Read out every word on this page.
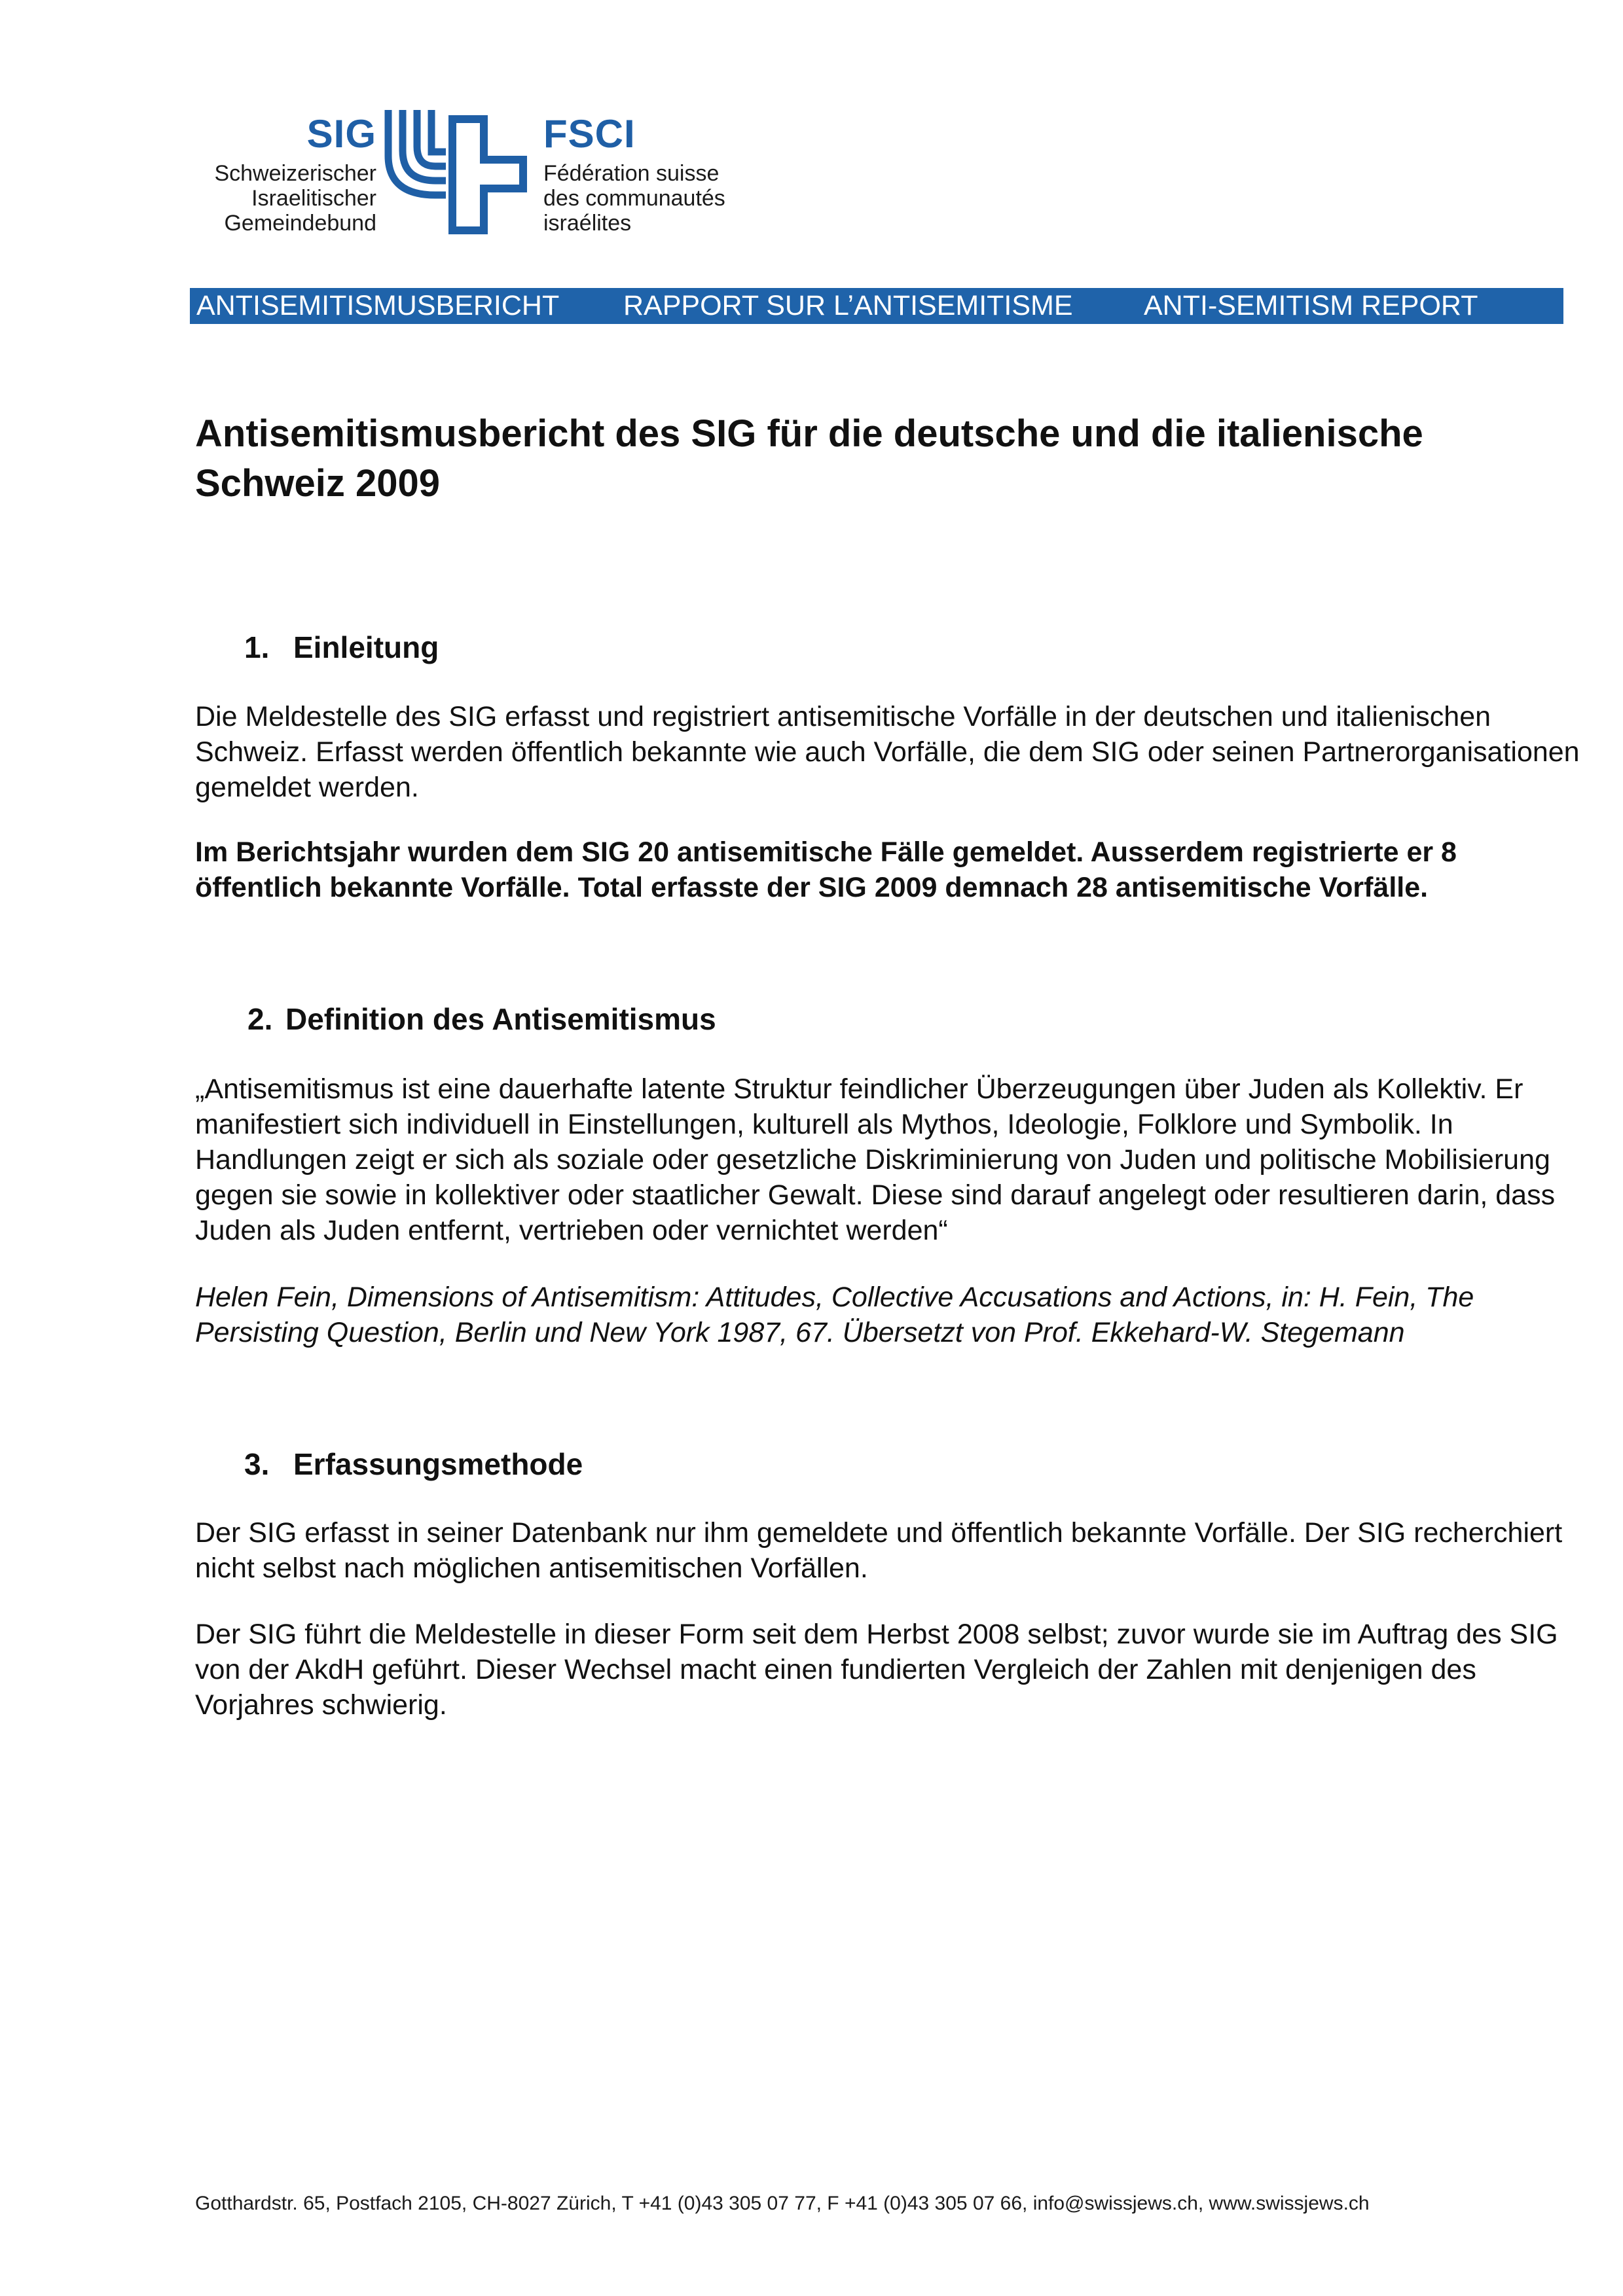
SIG
Schweizerischer
Israelitischer
Gemeindebund
FSCI
Fédération suisse
des communautés
israélites
ANTISEMITISMUSBERICHT RAPPORT SUR L’ANTISEMITISME	ANTI-SEMITISM REPORT
Antisemitismusbericht des SIG für die deutsche und die italienische Schweiz 2009
1. Einleitung
Die Meldestelle des SIG erfasst und registriert antisemitische Vorfälle in der deutschen und italienischen Schweiz. Erfasst werden öffentlich bekannte wie auch Vorfälle, die dem SIG oder seinen Partnerorganisationen gemeldet werden.
Im Berichtsjahr wurden dem SIG 20 antisemitische Fälle gemeldet. Ausserdem registrierte er 8 öffentlich bekannte Vorfälle. Total erfasste der SIG 2009 demnach 28 antisemitische Vorfälle.
2. Definition des Antisemitismus
„Antisemitismus ist eine dauerhafte latente Struktur feindlicher Überzeugungen über Juden als Kollektiv. Er manifestiert sich individuell in Einstellungen, kulturell als Mythos, Ideologie, Folklore und Symbolik. In Handlungen zeigt er sich als soziale oder gesetzliche Diskriminierung von Juden und politische Mobilisierung gegen sie sowie in kollektiver oder staatlicher Gewalt. Diese sind darauf angelegt oder resultieren darin, dass Juden als Juden entfernt, vertrieben oder vernichtet werden“
Helen Fein, Dimensions of Antisemitism: Attitudes, Collective Accusations and Actions, in: H. Fein, The Persisting Question, Berlin und New York 1987, 67. Übersetzt von Prof. Ekkehard-W. Stegemann
3. Erfassungsmethode
Der SIG erfasst in seiner Datenbank nur ihm gemeldete und öffentlich bekannte Vorfälle. Der SIG recherchiert nicht selbst nach möglichen antisemitischen Vorfällen.
Der SIG führt die Meldestelle in dieser Form seit dem Herbst 2008 selbst; zuvor wurde sie im Auftrag des SIG von der AkdH geführt. Dieser Wechsel macht einen fundierten Vergleich der Zahlen mit denjenigen des Vorjahres schwierig.
Gotthardstr. 65, Postfach 2105, CH-8027 Zürich, T +41 (0)43 305 07 77, F +41 (0)43 305 07 66, info@swissjews.ch, www.swissjews.ch
